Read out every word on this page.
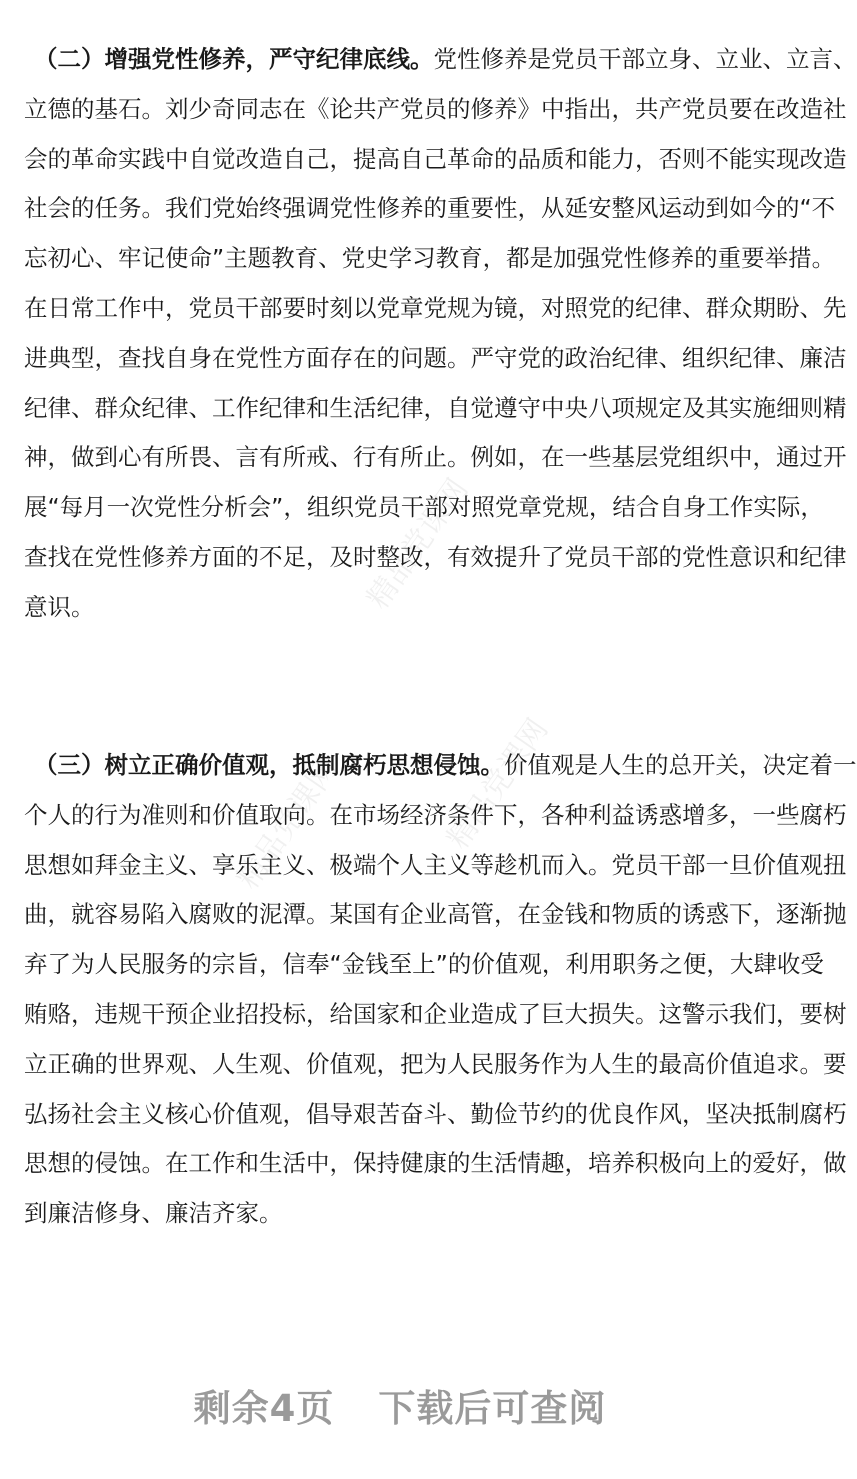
精品党课网
精品党课网	精品党课网
（二）增强党性修养，严守纪律底线。党性修养是党员干部立身、立业、立言、
立德的基石。刘少奇同志在《论共产党员的修养》中指出，共产党员要在改造社
会的革命实践中自觉改造自己，提高自己革命的品质和能力，否则不能实现改造
社会的任务。我们党始终强调党性修养的重要性，从延安整风运动到如今的“不
忘初心、牢记使命”主题教育、党史学习教育，都是加强党性修养的重要举措。
在日常工作中，党员干部要时刻以党章党规为镜，对照党的纪律、群众期盼、先
进典型，查找自身在党性方面存在的问题。严守党的政治纪律、组织纪律、廉洁
纪律、群众纪律、工作纪律和生活纪律，自觉遵守中央八项规定及其实施细则精
神，做到心有所畏、言有所戒、行有所止。例如，在一些基层党组织中，通过开
展“每月一次党性分析会”，组织党员干部对照党章党规，结合自身工作实际，
查找在党性修养方面的不足，及时整改，有效提升了党员干部的党性意识和纪律
意识。
（三）树立正确价值观，抵制腐朽思想侵蚀。价值观是人生的总开关，决定着一
个人的行为准则和价值取向。在市场经济条件下，各种利益诱惑增多，一些腐朽
思想如拜金主义、享乐主义、极端个人主义等趁机而入。党员干部一旦价值观扭
曲，就容易陷入腐败的泥潭。某国有企业高管，在金钱和物质的诱惑下，逐渐抛
弃了为人民服务的宗旨，信奉“金钱至上”的价值观，利用职务之便，大肆收受
贿赂，违规干预企业招投标，给国家和企业造成了巨大损失。这警示我们，要树
立正确的世界观、人生观、价值观，把为人民服务作为人生的最高价值追求。要
弘扬社会主义核心价值观，倡导艰苦奋斗、勤俭节约的优良作风，坚决抵制腐朽
思想的侵蚀。在工作和生活中，保持健康的生活情趣，培养积极向上的爱好，做
到廉洁修身、廉洁齐家。
剩余4页 下载后可查阅
